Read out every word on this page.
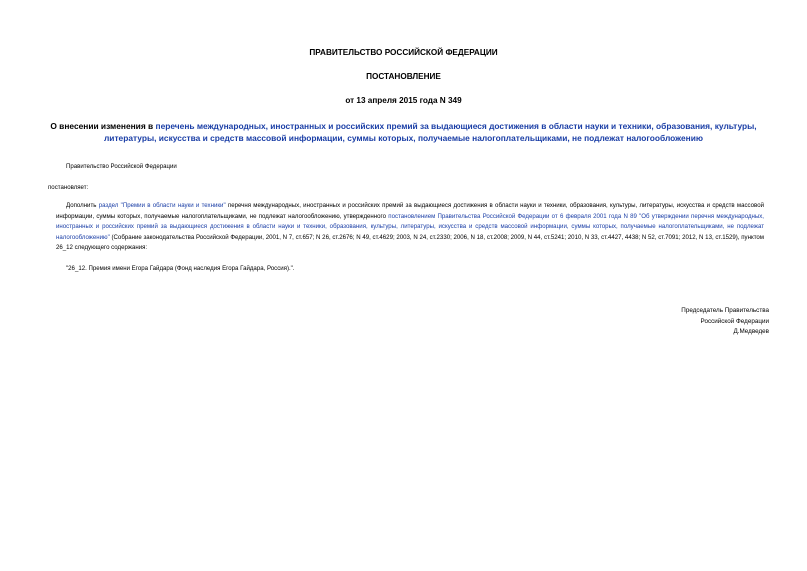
ПРАВИТЕЛЬСТВО РОССИЙСКОЙ ФЕДЕРАЦИИ
ПОСТАНОВЛЕНИЕ
от 13 апреля 2015 года N 349
О внесении изменения в перечень международных, иностранных и российских премий за выдающиеся достижения в области науки и техники, образования, культуры, литературы, искусства и средств массовой информации, суммы которых, получаемые налогоплательщиками, не подлежат налогообложению
Правительство Российской Федерации
постановляет:
Дополнить раздел "Премии в области науки и техники" перечня международных, иностранных и российских премий за выдающиеся достижения в области науки и техники, образования, культуры, литературы, искусства и средств массовой информации, суммы которых, получаемые налогоплательщиками, не подлежат налогообложению, утвержденного постановлением Правительства Российской Федерации от 6 февраля 2001 года N 89 "Об утверждении перечня международных, иностранных и российских премий за выдающиеся достижения в области науки и техники, образования, культуры, литературы, искусства и средств массовой информации, суммы которых, получаемые налогоплательщиками, не подлежат налогообложению" (Собрание законодательства Российской Федерации, 2001, N 7, ст.657; N 26, ст.2676; N 49, ст.4629; 2003, N 24, ст.2330; 2006, N 18, ст.2008; 2009, N 44, ст.5241; 2010, N 33, ст.4427, 4438; N 52, ст.7091; 2012, N 13, ст.1529), пунктом 26_12 следующего содержания:
"26_12. Премия имени Егора Гайдара (Фонд наследия Егора Гайдара, Россия).".
Председатель Правительства
Российской Федерации
Д.Медведев
